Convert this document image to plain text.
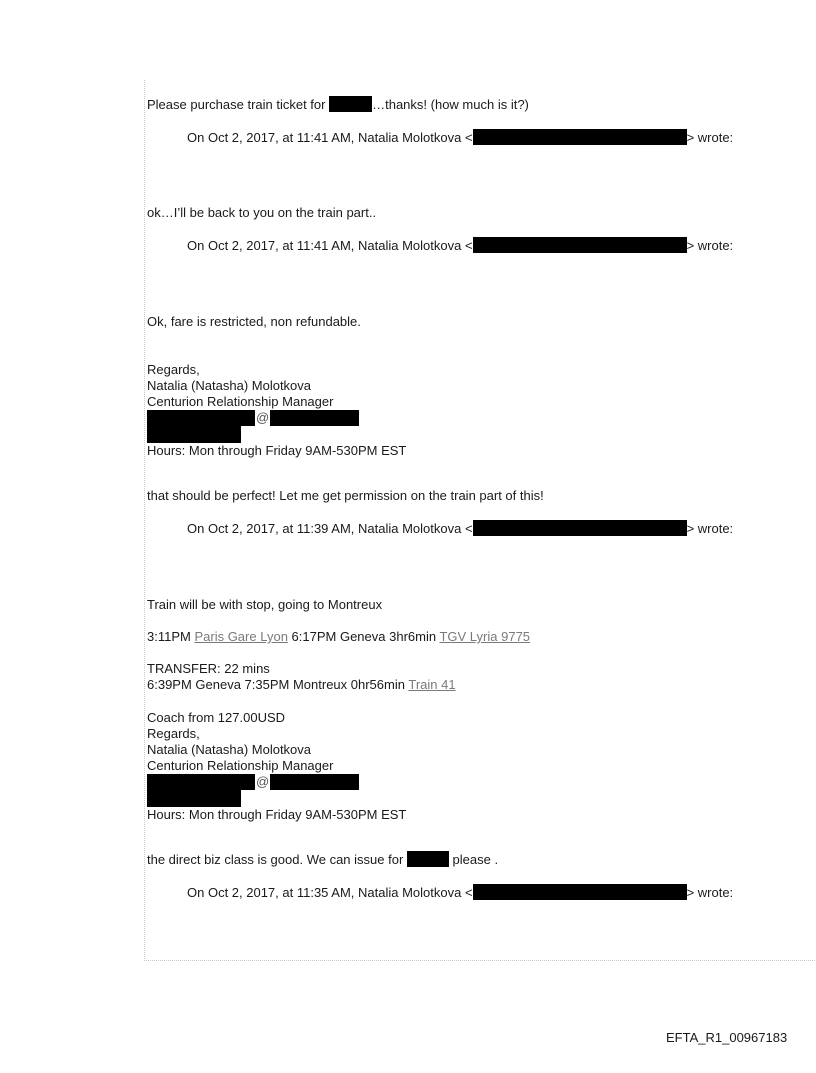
Please purchase train ticket for	…thanks! (how much is it?)
On Oct 2, 2017, at 11:41 AM, Natalia Molotkova <	> wrote:
ok…I’ll be back to you on the train part..
On Oct 2, 2017, at 11:41 AM, Natalia Molotkova <	> wrote:
Ok, fare is restricted, non refundable.
Regards,
Natalia (Natasha) Molotkova
Centurion Relationship Manager
@
Hours: Mon through Friday 9AM-530PM EST
that should be perfect! Let me get permission on the train part of this!
On Oct 2, 2017, at 11:39 AM, Natalia Molotkova <	> wrote:
Train will be with stop, going to Montreux
3:11PM Paris Gare Lyon 6:17PM Geneva 3hr6min TGV Lyria 9775
TRANSFER: 22 mins
6:39PM Geneva 7:35PM Montreux 0hr56min Train 41
Coach from 127.00USD
Regards,
Natalia (Natasha) Molotkova
Centurion Relationship Manager
@
Hours: Mon through Friday 9AM-530PM EST
the direct biz class is good. We can issue for	please .
On Oct 2, 2017, at 11:35 AM, Natalia Molotkova <	> wrote:
EFTA_R1_00967183
